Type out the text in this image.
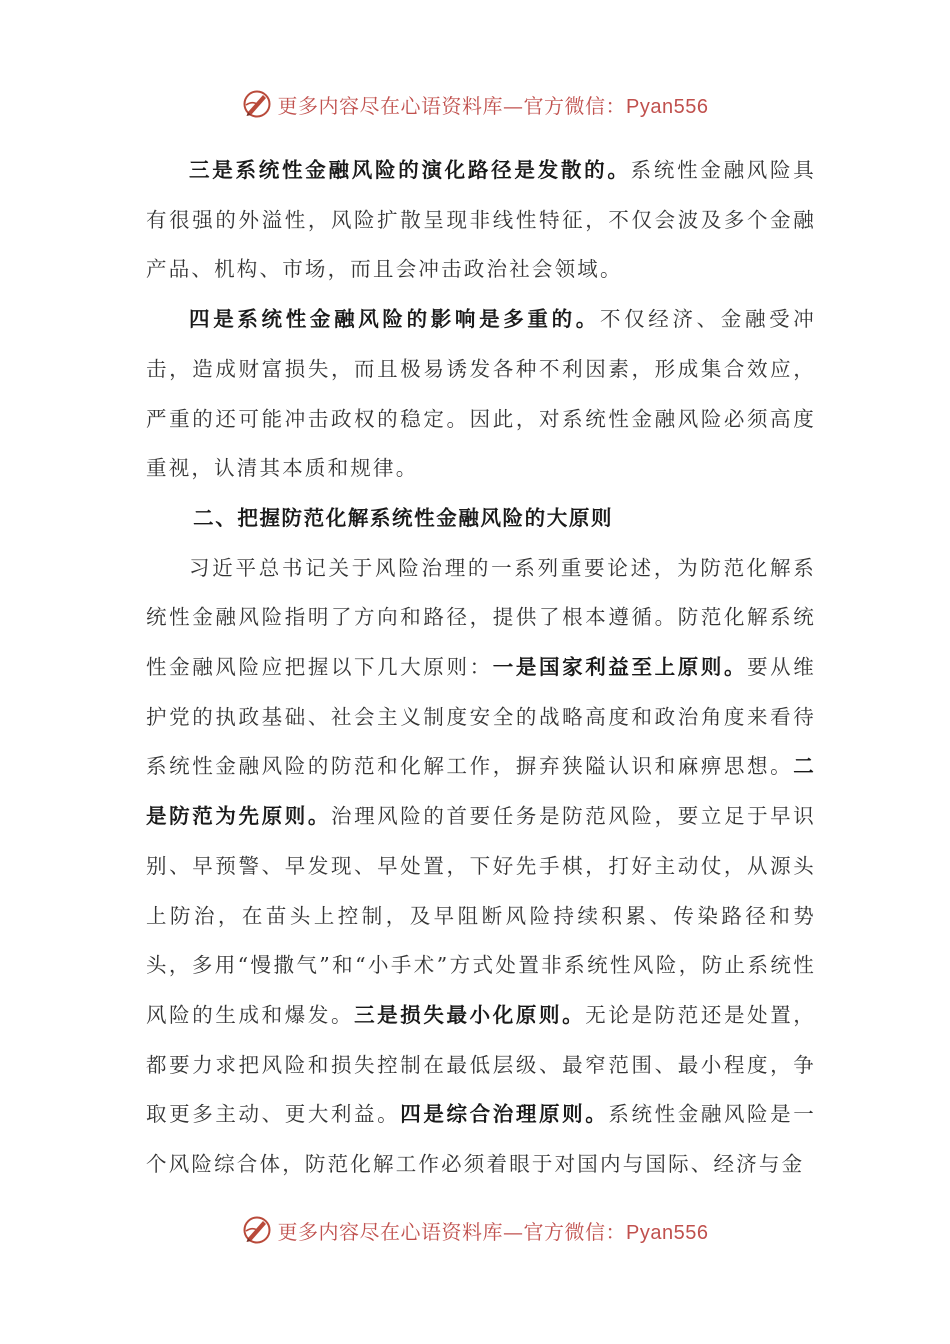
更多内容尽在心语资料库—官方微信：Pyan556

三是系统性金融风险的演化路径是发散的。系统性金融风险具有很强的外溢性，风险扩散呈现非线性特征，不仅会波及多个金融产品、机构、市场，而且会冲击政治社会领域。

四是系统性金融风险的影响是多重的。不仅经济、金融受冲击，造成财富损失，而且极易诱发各种不利因素，形成集合效应，严重的还可能冲击政权的稳定。因此，对系统性金融风险必须高度重视，认清其本质和规律。

二、把握防范化解系统性金融风险的大原则

习近平总书记关于风险治理的一系列重要论述，为防范化解系统性金融风险指明了方向和路径，提供了根本遵循。防范化解系统性金融风险应把握以下几大原则：一是国家利益至上原则。要从维护党的执政基础、社会主义制度安全的战略高度和政治角度来看待系统性金融风险的防范和化解工作，摒弃狭隘认识和麻痹思想。二是防范为先原则。治理风险的首要任务是防范风险，要立足于早识别、早预警、早发现、早处置，下好先手棋，打好主动仗，从源头上防治，在苗头上控制，及早阻断风险持续积累、传染路径和势头，多用“慢撒气”和“小手术”方式处置非系统性风险，防止系统性风险的生成和爆发。三是损失最小化原则。无论是防范还是处置，都要力求把风险和损失控制在最低层级、最窄范围、最小程度，争取更多主动、更大利益。四是综合治理原则。系统性金融风险是一个风险综合体，防范化解工作必须着眼于对国内与国际、经济与金

更多内容尽在心语资料库—官方微信：Pyan556
